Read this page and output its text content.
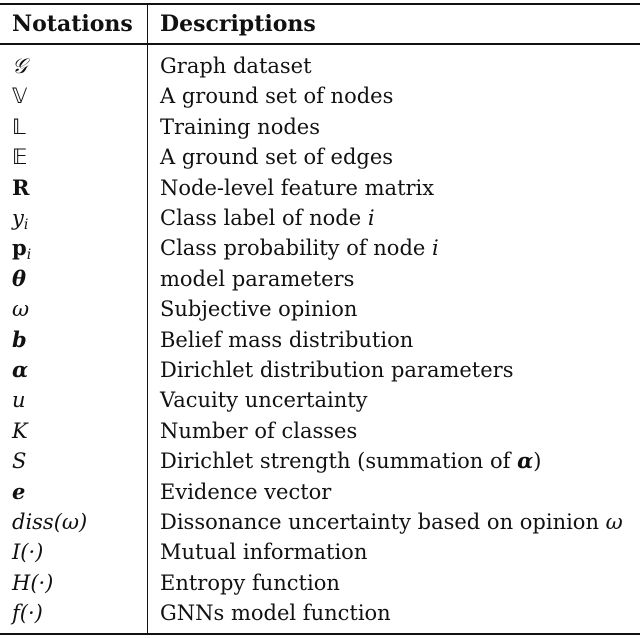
Notations Descriptions
𝒢	Graph dataset
𝕍	A ground set of nodes
𝕃	Training nodes
𝔼	A ground set of edges
R	Node-level feature matrix
$y_i$	Class label of node i
$p_i$	Class probability of node i
θ	model parameters
ω	Subjective opinion
b	Belief mass distribution
α	Dirichlet distribution parameters
u	Vacuity uncertainty
K	Number of classes
S	Dirichlet strength (summation of α)
e	Evidence vector
diss(ω)	Dissonance uncertainty based on opinion ω
I(·)	Mutual information
H(·)	Entropy function
f(·)	GNNs model function
